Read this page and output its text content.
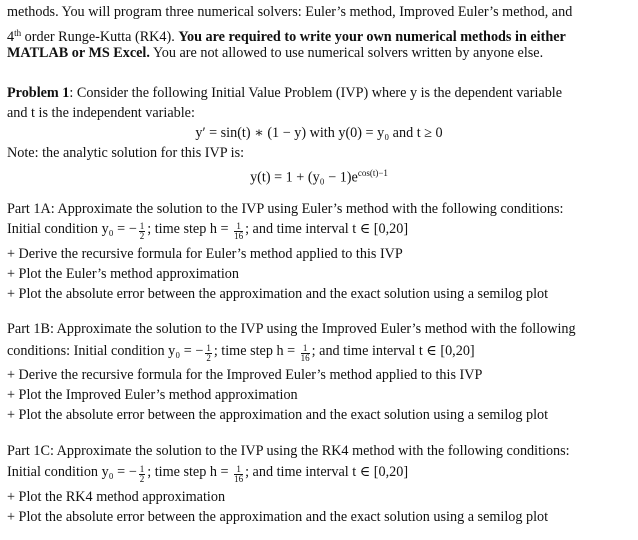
methods. You will program three numerical solvers: Euler’s method, Improved Euler’s method, and
4th order Runge-Kutta (RK4). You are required to write your own numerical methods in either
MATLAB or MS Excel. You are not allowed to use numerical solvers written by anyone else.
Problem 1: Consider the following Initial Value Problem (IVP) where y is the dependent variable
and t is the independent variable:
y′ = sin(t) ∗ (1 − y) with y(0) = y₀ and t ≥ 0
Note: the analytic solution for this IVP is:
$y(t) = 1 + (y_0 - 1)e^{cos(t)-1}$
Part 1A: Approximate the solution to the IVP using Euler’s method with the following conditions:
Initial condition y₀ = − $\frac{1}{2}$ ; time step $h = \frac{1}{16}$ ; and time interval t ∈ [0,20]
+ Derive the recursive formula for Euler’s method applied to this IVP
+ Plot the Euler’s method approximation
+ Plot the absolute error between the approximation and the exact solution using a semilog plot
Part 1B: Approximate the solution to the IVP using the Improved Euler’s method with the following
conditions: Initial condition y₀ = − $\frac{1}{2}$ ; time step $h = \frac{1}{16}$ ; and time interval t ∈ [0,20]
+ Derive the recursive formula for the Improved Euler’s method applied to this IVP
+ Plot the Improved Euler’s method approximation
+ Plot the absolute error between the approximation and the exact solution using a semilog plot
Part 1C: Approximate the solution to the IVP using the RK4 method with the following conditions:
Initial condition y₀ = − $\frac{1}{2}$ ; time step $h = \frac{1}{16}$ ; and time interval t ∈ [0,20]
+ Plot the RK4 method approximation
+ Plot the absolute error between the approximation and the exact solution using a semilog plot
